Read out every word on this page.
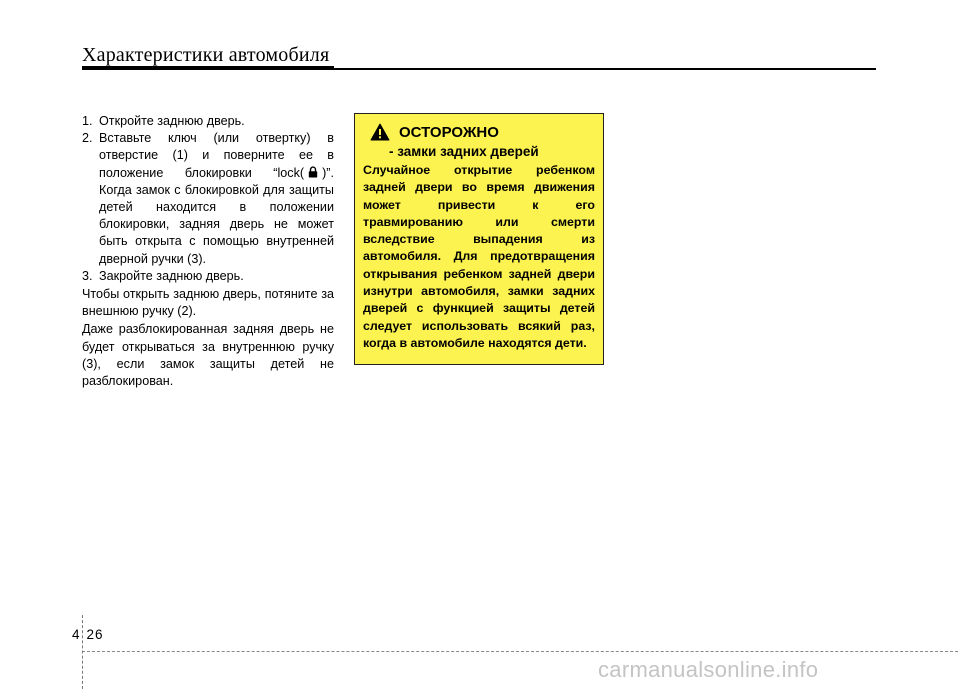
Характеристики автомобиля

1. Откройте заднюю дверь.

2. Вставьте ключ (или отвертку) в отверстие (1) и поверните ее в положение блокировки “lock( )”. Когда замок с блокировкой для защиты детей находится в положении блокировки, задняя дверь не может быть открыта с помощью внутренней дверной ручки (3).

3. Закройте заднюю дверь.

Чтобы открыть заднюю дверь, потяните за внешнюю ручку (2).

Даже разблокированная задняя дверь не будет открываться за внутреннюю ручку (3), если замок защиты детей не разблокирован.

ОСТОРОЖНО
- замки задних дверей
Случайное открытие ребенком задней двери во время движения может привести к его травмированию или смерти вследствие выпадения из автомобиля. Для предотвращения открывания ребенком задней двери изнутри автомобиля, замки задних дверей с функцией защиты детей следует использовать всякий раз, когда в автомобиле находятся дети.
4 26
carmanualsonline.info
